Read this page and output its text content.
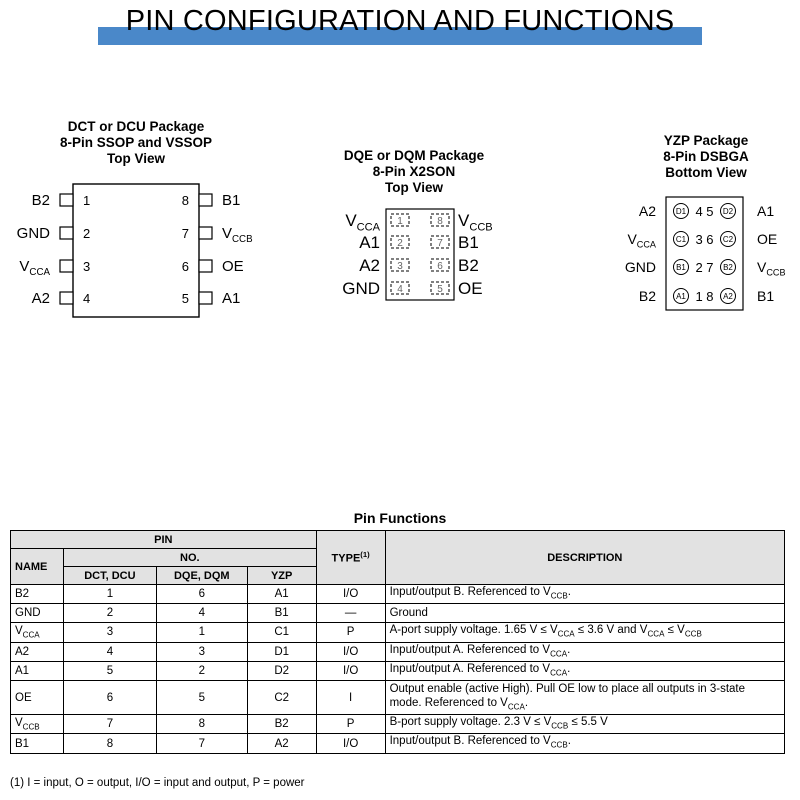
PIN CONFIGURATION AND FUNCTIONS
DCT or DCU Package
8-Pin SSOP and VSSOP
Top View	DQE or DQM Package
8-Pin X2SON
Top View
YZP Package
8-Pin DSBGA
Bottom View
1
B2
2
GND
3
$V_{CCA}$
4
A2
8 B1
7 $V_{CCB}$
6 OE
5 A1
1	8
$V_{CCA}$	$V_{CCB}$
2	7
A1	B1
3	6
A2	B2
4	5
GND	OE
D1	D2
4 5
A2	A1
C1	C2
3 6
$V_{CCA}$	OE
B1	B2
2 7
GND	$V_{CCB}$
A1	A2
1 8
B2	B1
Pin Functions
PIN				TYPE$^{(1)}$	DESCRIPTION
NAME	NO.				
	DCT, DCU	DQE, DQM	YZP		
B2	1	6	A1	I/O	Input/output B. Referenced to $V_{CCB}$.
GND	2	4	B1	—	Ground
$V_{CCA}$	3	1	C1	P	A-port supply voltage. 1.65 $V \le V_{CCA} \le 3.6$ V and $V_{CCA} \le V_{CCB}$
A2	4	3	D1	I/O	Input/output A. Referenced to $V_{CCA}$.
A1	5	2	D2	I/O	Input/output A. Referenced to $V_{CCA}$.
OE	6	5	C2	I	Output enable (active High). Pull OE low to place all outputs in 3-state mode. Referenced to $V_{CCA}$.
$V_{CCB}$	7	8	B2	P	B-port supply voltage. 2.3 $V \le V_{CCB} \le 5.5$ V
B1	8	7	A2	I/O	Input/output B. Referenced to $V_{CCB}$.
(1) I = input, O = output, I/O = input and output, P = power
